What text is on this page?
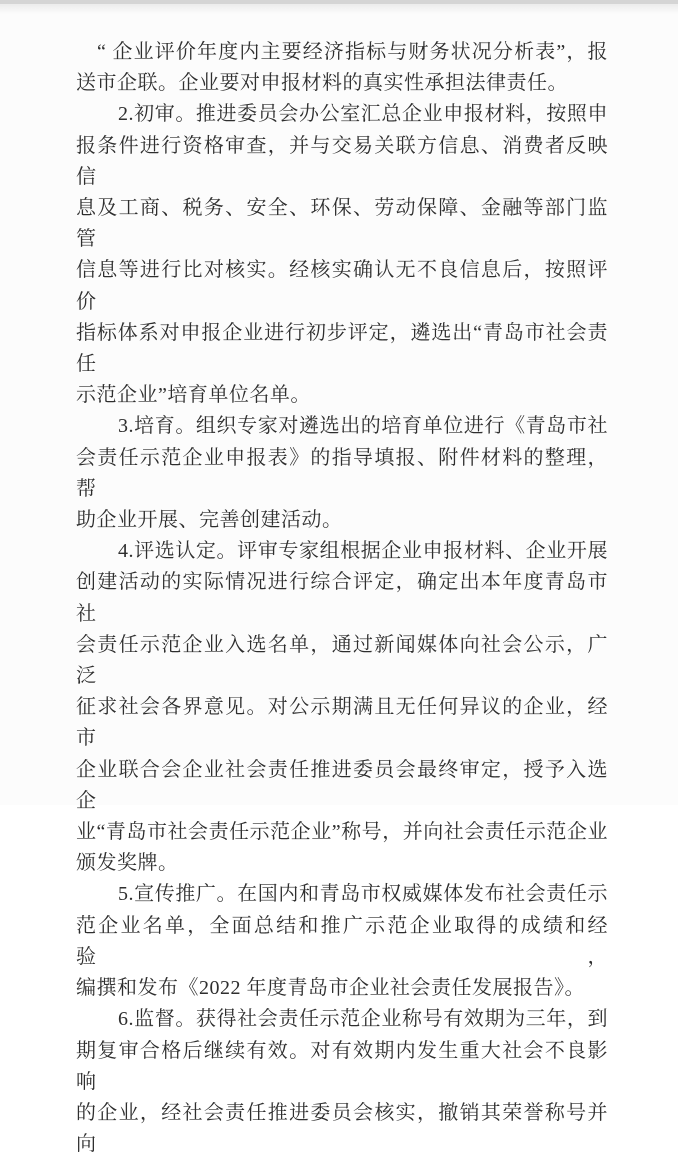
“ 企业评价年度内主要经济指标与财务状况分析表”，报
送市企联。企业要对申报材料的真实性承担法律责任。
2.初审。推进委员会办公室汇总企业申报材料，按照申
报条件进行资格审查，并与交易关联方信息、消费者反映信
息及工商、税务、安全、环保、劳动保障、金融等部门监管
信息等进行比对核实。经核实确认无不良信息后，按照评价
指标体系对申报企业进行初步评定，遴选出“青岛市社会责任
示范企业”培育单位名单。
3.培育。组织专家对遴选出的培育单位进行《青岛市社
会责任示范企业申报表》的指导填报、附件材料的整理，帮
助企业开展、完善创建活动。
4.评选认定。评审专家组根据企业申报材料、企业开展
创建活动的实际情况进行综合评定，确定出本年度青岛市社
会责任示范企业入选名单，通过新闻媒体向社会公示，广泛
征求社会各界意见。对公示期满且无任何异议的企业，经市
企业联合会企业社会责任推进委员会最终审定，授予入选企
业“青岛市社会责任示范企业”称号，并向社会责任示范企业
颁发奖牌。
5.宣传推广。在国内和青岛市权威媒体发布社会责任示
范企业名单，全面总结和推广示范企业取得的成绩和经验，
编撰和发布《2022 年度青岛市企业社会责任发展报告》。
6.监督。获得社会责任示范企业称号有效期为三年，到
期复审合格后继续有效。对有效期内发生重大社会不良影响
的企业，经社会责任推进委员会核实，撤销其荣誉称号并向
